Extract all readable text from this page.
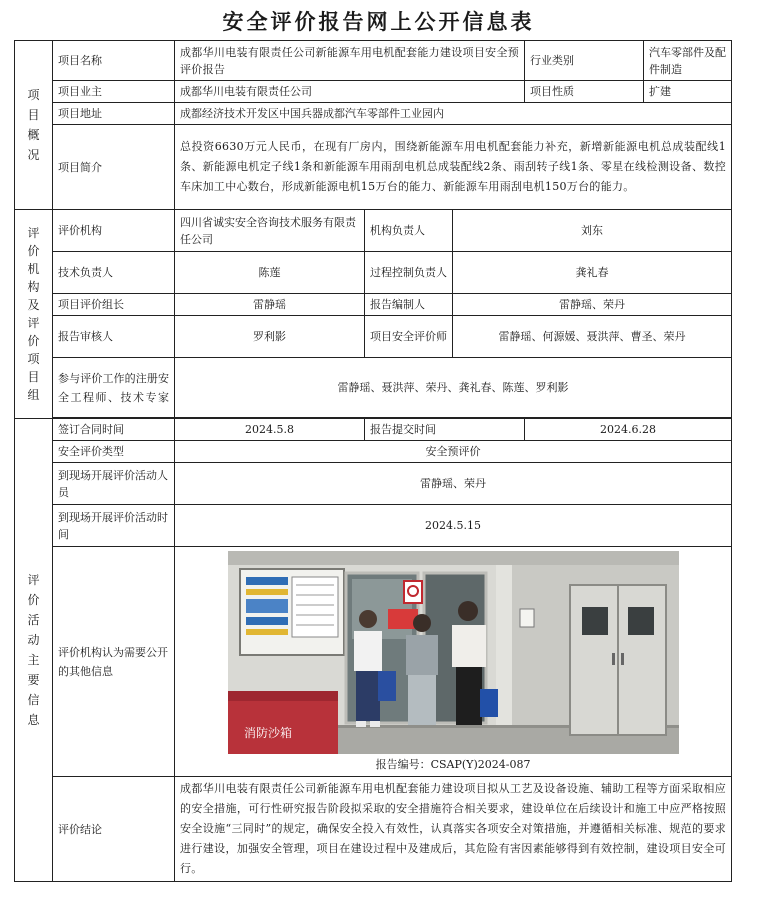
安全评价报告网上公开信息表
项目概况	项目名称	成都华川电装有限责任公司新能源车用电机配套能力建设项目安全预评价报告			行业类别	汽车零部件及配件制造
	项目业主	成都华川电装有限责任公司			项目性质	扩建
	项目地址	成都经济技术开发区中国兵器成都汽车零部件工业园内				
	项目简介	总投资6630万元人民币，在现有厂房内，围绕新能源车用电机配套能力补充，新增新能源电机总成装配线1条、新能源电机定子线1条和新能源车用雨刮电机总成装配线2条、雨刮转子线1条、零星在线检测设备、数控车床加工中心数台，形成新能源电机15万台的能力、新能源车用雨刮电机150万台的能力。				

评价机构及评价项目组	评价机构	四川省诚实安全咨询技术服务有限责任公司	机构负责人	刘东		
	技术负责人	陈莲	过程控制负责人	龚礼春		
	项目评价组长	雷静瑶	报告编制人	雷静瑶、荣丹		
	报告审核人	罗利影	项目安全评价师	雷静瑶、何源媛、聂洪萍、曹圣、荣丹		
	参与评价工作的注册安全工程师、技术专家	雷静瑶、聂洪萍、荣丹、龚礼春、陈莲、罗利影				

评价活动主要信息	签订合同时间	2024.5.8	报告提交时间		2024.6.28	
	安全评价类型	安全预评价				
	到现场开展评价活动人员	雷静瑶、荣丹				
	到现场开展评价活动时间	2024.5.15				
	评价机构认为需要公开的其他信息	消防沙箱
报告编号：CSAP(Y)2024-087				

	评价结论	成都华川电装有限责任公司新能源车用电机配套能力建设项目拟从工艺及设备设施、辅助工程等方面采取相应的安全措施，可行性研究报告阶段拟采取的安全措施符合相关要求，建设单位在后续设计和施工中应严格按照安全设施“三同时”的规定，确保安全投入有效性，认真落实各项安全对策措施，并遵循相关标准、规范的要求进行建设，加强安全管理，项目在建设过程中及建成后，其危险有害因素能够得到有效控制，建设项目安全可行。				
